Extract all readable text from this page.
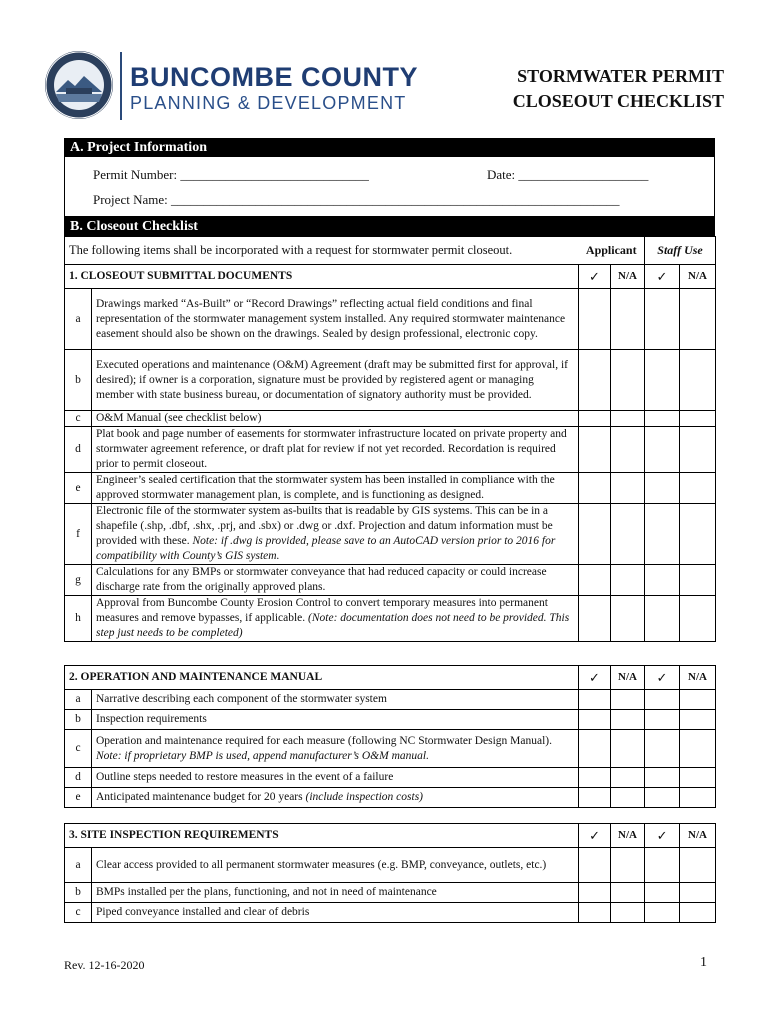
BUNCOMBE COUNTY
PLANNING & DEVELOPMENT
STORMWATER PERMIT
CLOSEOUT CHECKLIST
A. Project Information
Permit Number: _____________________________	Date: ____________________
Project Name: _____________________________________________________________________
B. Closeout Checklist
The following items shall be incorporated with a request for stormwater permit closeout.		Applicant		Staff Use	
1. CLOSEOUT SUBMITTAL DOCUMENTS		✓	N/A	✓	N/A
a	Drawings marked “As-Built” or “Record Drawings” reflecting actual field conditions and final representation of the stormwater management system installed. Any required stormwater maintenance easement should also be shown on the drawings. Sealed by design professional, electronic copy.				
b	Executed operations and maintenance (O&M) Agreement (draft may be submitted first for approval, if desired); if owner is a corporation, signature must be provided by registered agent or managing member with state business bureau, or documentation of signatory authority must be provided.				
c	O&M Manual (see checklist below)				
d	Plat book and page number of easements for stormwater infrastructure located on private property and stormwater agreement reference, or draft plat for review if not yet recorded. Recordation is required prior to permit closeout.				
e	Engineer’s sealed certification that the stormwater system has been installed in compliance with the approved stormwater management plan, is complete, and is functioning as designed.				
f	Electronic file of the stormwater system as-builts that is readable by GIS systems. This can be in a shapefile (.shp, .dbf, .shx, .prj, and .sbx) or .dwg or .dxf. Projection and datum information must be provided with these. Note: if .dwg is provided, please save to an AutoCAD version prior to 2016 for compatibility with County’s GIS system.				
g	Calculations for any BMPs or stormwater conveyance that had reduced capacity or could increase discharge rate from the originally approved plans.				
h	Approval from Buncombe County Erosion Control to convert temporary measures into permanent measures and remove bypasses, if applicable. (Note: documentation does not need to be provided. This step just needs to be completed)				
2. OPERATION AND MAINTENANCE MANUAL		✓	N/A	✓	N/A
a	Narrative describing each component of the stormwater system				
b	Inspection requirements				
c	Operation and maintenance required for each measure (following NC Stormwater Design Manual). Note: if proprietary BMP is used, append manufacturer’s O&M manual.				
d	Outline steps needed to restore measures in the event of a failure				
e	Anticipated maintenance budget for 20 years (include inspection costs)				
3. SITE INSPECTION REQUIREMENTS		✓	N/A	✓	N/A
a	Clear access provided to all permanent stormwater measures (e.g. BMP, conveyance, outlets, etc.)				
b	BMPs installed per the plans, functioning, and not in need of maintenance				
c	Piped conveyance installed and clear of debris				
Rev. 12-16-2020	1
